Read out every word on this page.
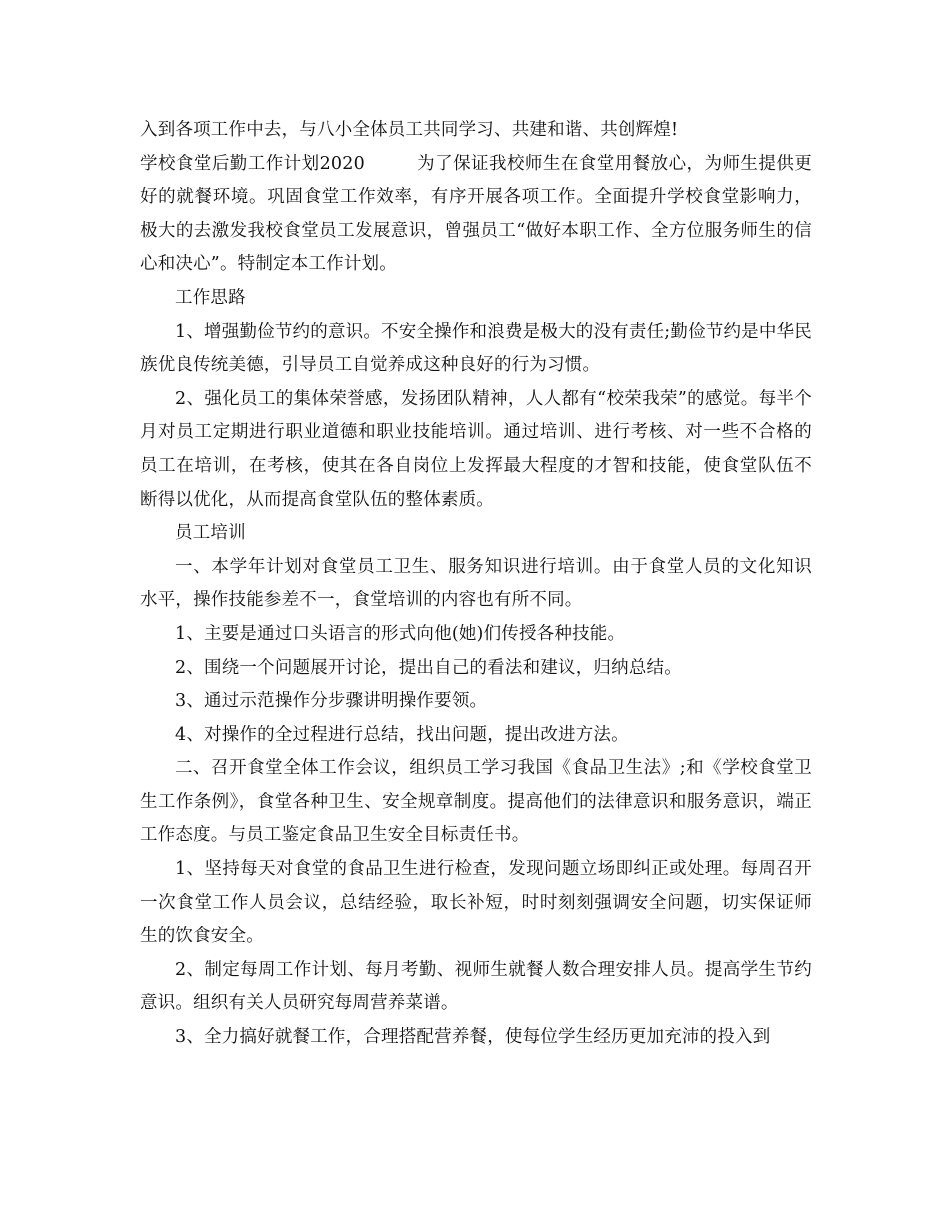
入到各项工作中去，与八小全体员工共同学习、共建和谐、共创辉煌!

学校食堂后勤工作计划2020	为了保证我校师生在食堂用餐放心，为师生提供更好的就餐环境。巩固食堂工作效率，有序开展各项工作。全面提升学校食堂影响力，极大的去激发我校食堂员工发展意识，曾强员工“做好本职工作、全方位服务师生的信心和决心”。特制定本工作计划。

工作思路

1、增强勤俭节约的意识。不安全操作和浪费是极大的没有责任;勤俭节约是中华民族优良传统美德，引导员工自觉养成这种良好的行为习惯。

2、强化员工的集体荣誉感，发扬团队精神，人人都有“校荣我荣”的感觉。每半个月对员工定期进行职业道德和职业技能培训。通过培训、进行考核、对一些不合格的员工在培训，在考核，使其在各自岗位上发挥最大程度的才智和技能，使食堂队伍不断得以优化，从而提高食堂队伍的整体素质。

员工培训

一、本学年计划对食堂员工卫生、服务知识进行培训。由于食堂人员的文化知识水平，操作技能参差不一，食堂培训的内容也有所不同。

1、主要是通过口头语言的形式向他(她)们传授各种技能。

2、围绕一个问题展开讨论，提出自己的看法和建议，归纳总结。

3、通过示范操作分步骤讲明操作要领。

4、对操作的全过程进行总结，找出问题，提出改进方法。

二、召开食堂全体工作会议，组织员工学习我国《食品卫生法》;和《学校食堂卫生工作条例》，食堂各种卫生、安全规章制度。提高他们的法律意识和服务意识，端正工作态度。与员工鉴定食品卫生安全目标责任书。

1、坚持每天对食堂的食品卫生进行检查，发现问题立场即纠正或处理。每周召开一次食堂工作人员会议，总结经验，取长补短，时时刻刻强调安全问题，切实保证师生的饮食安全。

2、制定每周工作计划、每月考勤、视师生就餐人数合理安排人员。提高学生节约意识。组织有关人员研究每周营养菜谱。

3、全力搞好就餐工作，合理搭配营养餐，使每位学生经历更加充沛的投入到
